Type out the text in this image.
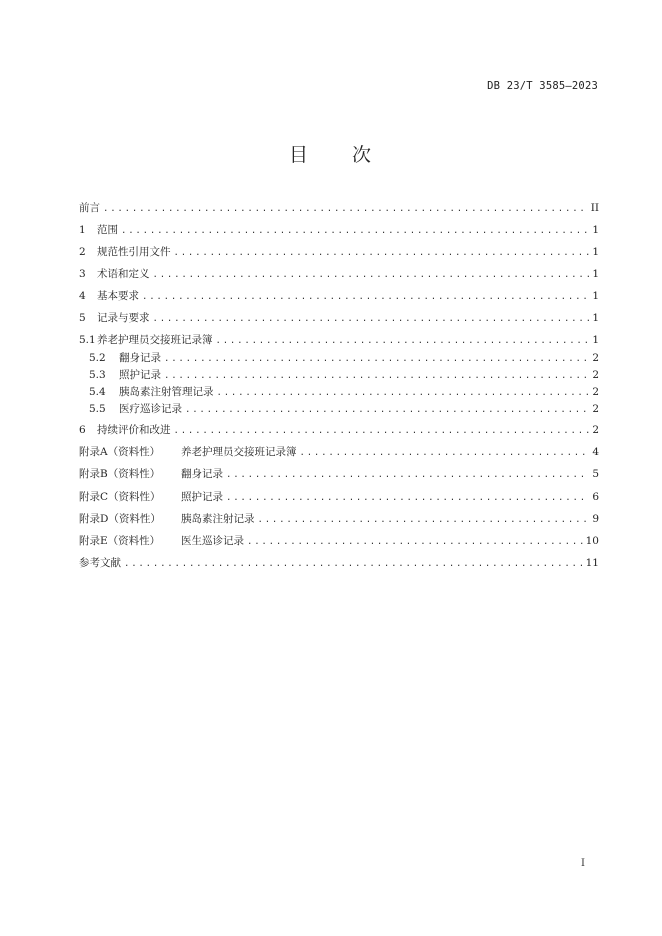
DB 23/T 3585—2023
目 次
前言 .....	II
1	范围 .....	1
2	规范性引用文件 .....	1
3	术语和定义 .....	1
4	基本要求 .....	1
5	记录与要求 .....	1
5.1 养老护理员交接班记录簿 .....	1
5.2	翻身记录 .....	2
5.3	照护记录 .....	2
5.4	胰岛素注射管理记录 .....	2
5.5	医疗巡诊记录 .....	2
6	持续评价和改进 .....	2
附录A（资料性）	养老护理员交接班记录簿 .....	4
附录B（资料性）	翻身记录 .....	5
附录C（资料性）	照护记录 .....	6
附录D（资料性）	胰岛素注射记录 .....	9
附录E（资料性）	医生巡诊记录 .....	10
参考文献 .....	11
I
